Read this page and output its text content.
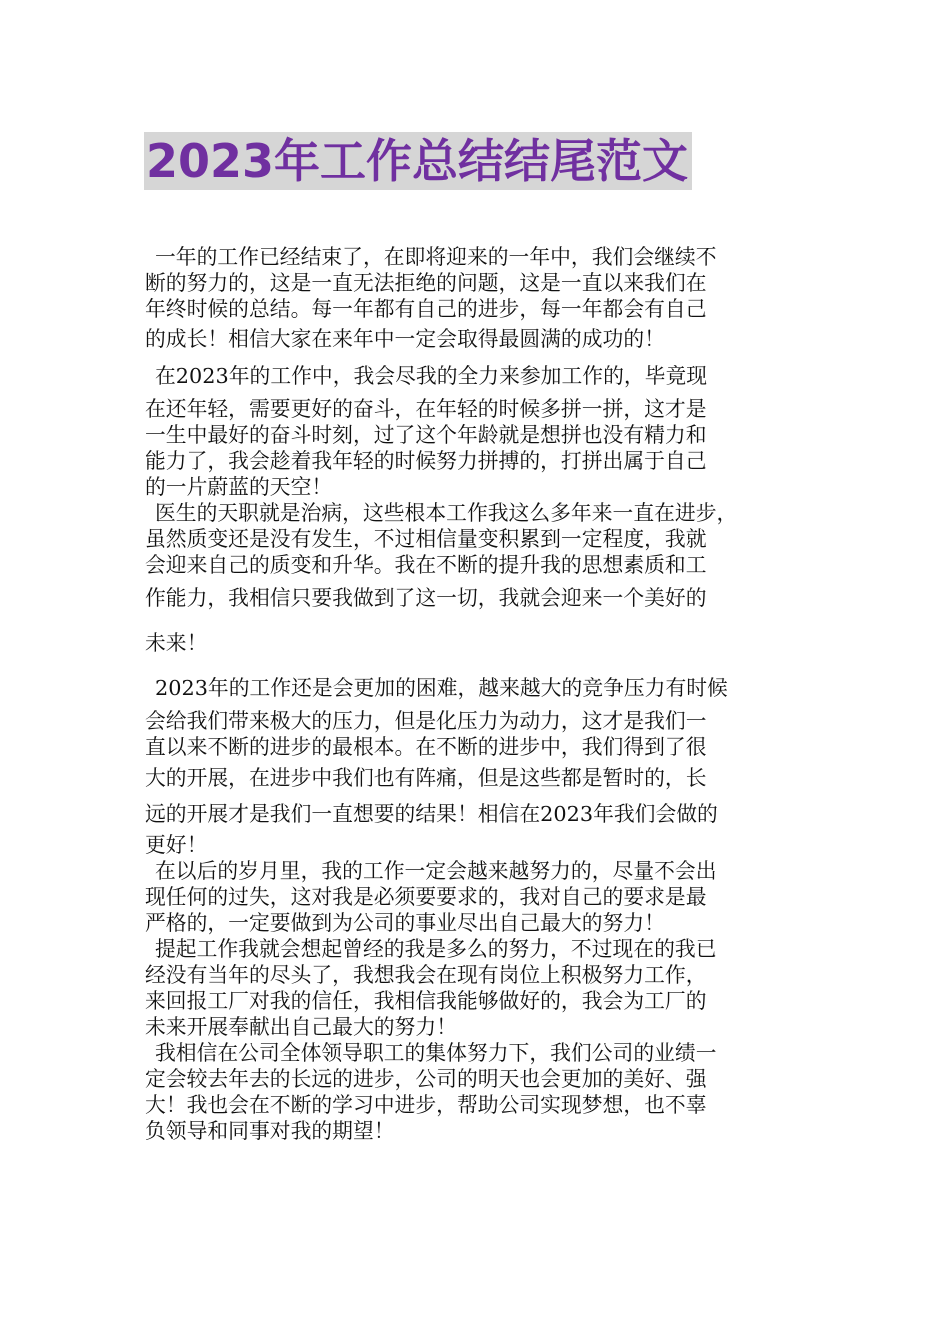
2023年工作总结结尾范文
一年的工作已经结束了，在即将迎来的一年中，我们会继续不
断的努力的，这是一直无法拒绝的问题，这是一直以来我们在
年终时候的总结。每一年都有自己的进步，每一年都会有自己
的成长！相信大家在来年中一定会取得最圆满的成功的！
在2023年的工作中，我会尽我的全力来参加工作的，毕竟现
在还年轻，需要更好的奋斗，在年轻的时候多拼一拼，这才是
一生中最好的奋斗时刻，过了这个年龄就是想拼也没有精力和
能力了，我会趁着我年轻的时候努力拼搏的，打拼出属于自己
的一片蔚蓝的天空！
医生的天职就是治病，这些根本工作我这么多年来一直在进步，
虽然质变还是没有发生，不过相信量变积累到一定程度，我就
会迎来自己的质变和升华。我在不断的提升我的思想素质和工
作能力，我相信只要我做到了这一切，我就会迎来一个美好的
未来！
2023年的工作还是会更加的困难，越来越大的竞争压力有时候
会给我们带来极大的压力，但是化压力为动力，这才是我们一
直以来不断的进步的最根本。在不断的进步中，我们得到了很
大的开展，在进步中我们也有阵痛，但是这些都是暂时的，长
远的开展才是我们一直想要的结果！相信在2023年我们会做的
更好！
在以后的岁月里，我的工作一定会越来越努力的，尽量不会出
现任何的过失，这对我是必须要要求的，我对自己的要求是最
严格的，一定要做到为公司的事业尽出自己最大的努力！
提起工作我就会想起曾经的我是多么的努力，不过现在的我已
经没有当年的尽头了，我想我会在现有岗位上积极努力工作，
来回报工厂对我的信任，我相信我能够做好的，我会为工厂的
未来开展奉献出自己最大的努力！
我相信在公司全体领导职工的集体努力下，我们公司的业绩一
定会较去年去的长远的进步，公司的明天也会更加的美好、强
大！我也会在不断的学习中进步，帮助公司实现梦想，也不辜
负领导和同事对我的期望！
